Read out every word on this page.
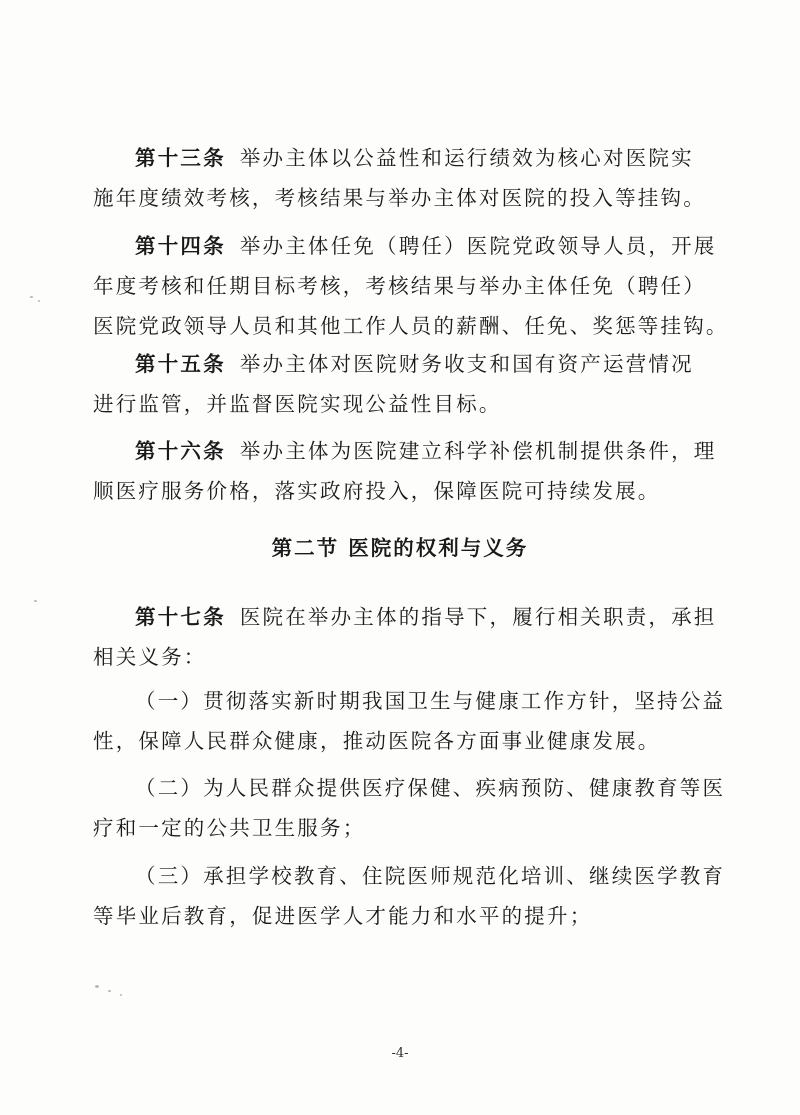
第十三条 举办主体以公益性和运行绩效为核心对医院实
施年度绩效考核，考核结果与举办主体对医院的投入等挂钩。
第十四条 举办主体任免（聘任）医院党政领导人员，开展
年度考核和任期目标考核，考核结果与举办主体任免（聘任）
医院党政领导人员和其他工作人员的薪酬、任免、奖惩等挂钩。
第十五条 举办主体对医院财务收支和国有资产运营情况
进行监管，并监督医院实现公益性目标。
第十六条 举办主体为医院建立科学补偿机制提供条件，理
顺医疗服务价格，落实政府投入，保障医院可持续发展。
第二节 医院的权利与义务
第十七条 医院在举办主体的指导下，履行相关职责，承担
相关义务：
（一）贯彻落实新时期我国卫生与健康工作方针，坚持公益
性，保障人民群众健康，推动医院各方面事业健康发展。
（二）为人民群众提供医疗保健、疾病预防、健康教育等医
疗和一定的公共卫生服务；
（三）承担学校教育、住院医师规范化培训、继续医学教育
等毕业后教育，促进医学人才能力和水平的提升；
-4-
